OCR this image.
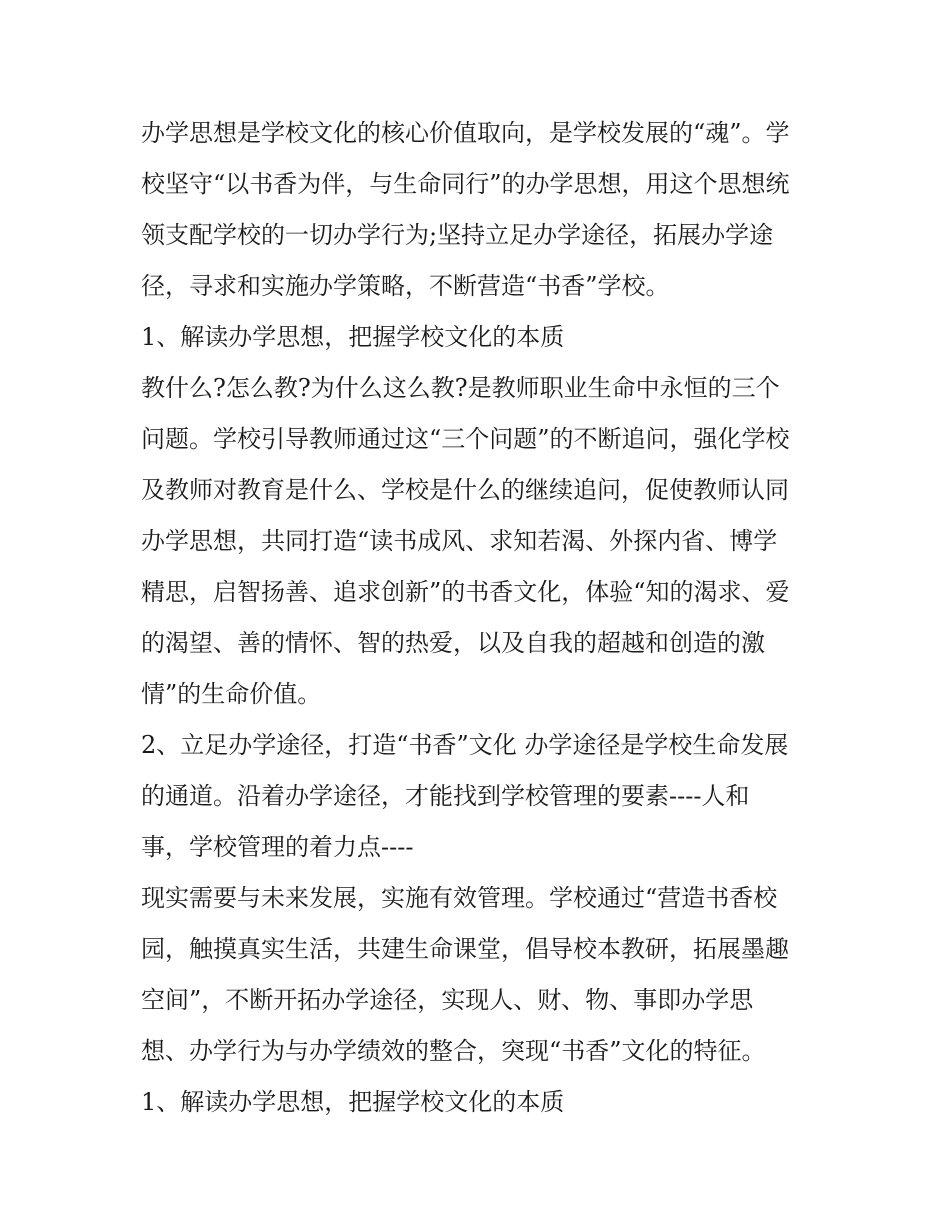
办学思想是学校文化的核心价值取向，是学校发展的“魂”。学
校坚守“以书香为伴，与生命同行”的办学思想，用这个思想统
领支配学校的一切办学行为;坚持立足办学途径，拓展办学途
径，寻求和实施办学策略，不断营造“书香”学校。
1、解读办学思想，把握学校文化的本质
教什么?怎么教?为什么这么教?是教师职业生命中永恒的三个
问题。学校引导教师通过这“三个问题”的不断追问，强化学校
及教师对教育是什么、学校是什么的继续追问，促使教师认同
办学思想，共同打造“读书成风、求知若渴、外探内省、博学
精思，启智扬善、追求创新”的书香文化，体验“知的渴求、爱
的渴望、善的情怀、智的热爱，以及自我的超越和创造的激
情”的生命价值。
2、立足办学途径，打造“书香”文化 办学途径是学校生命发展
的通道。沿着办学途径，才能找到学校管理的要素----人和
事，学校管理的着力点----
现实需要与未来发展，实施有效管理。学校通过“营造书香校
园，触摸真实生活，共建生命课堂，倡导校本教研，拓展墨趣
空间”，不断开拓办学途径，实现人、财、物、事即办学思
想、办学行为与办学绩效的整合，突现“书香”文化的特征。
1、解读办学思想，把握学校文化的本质
